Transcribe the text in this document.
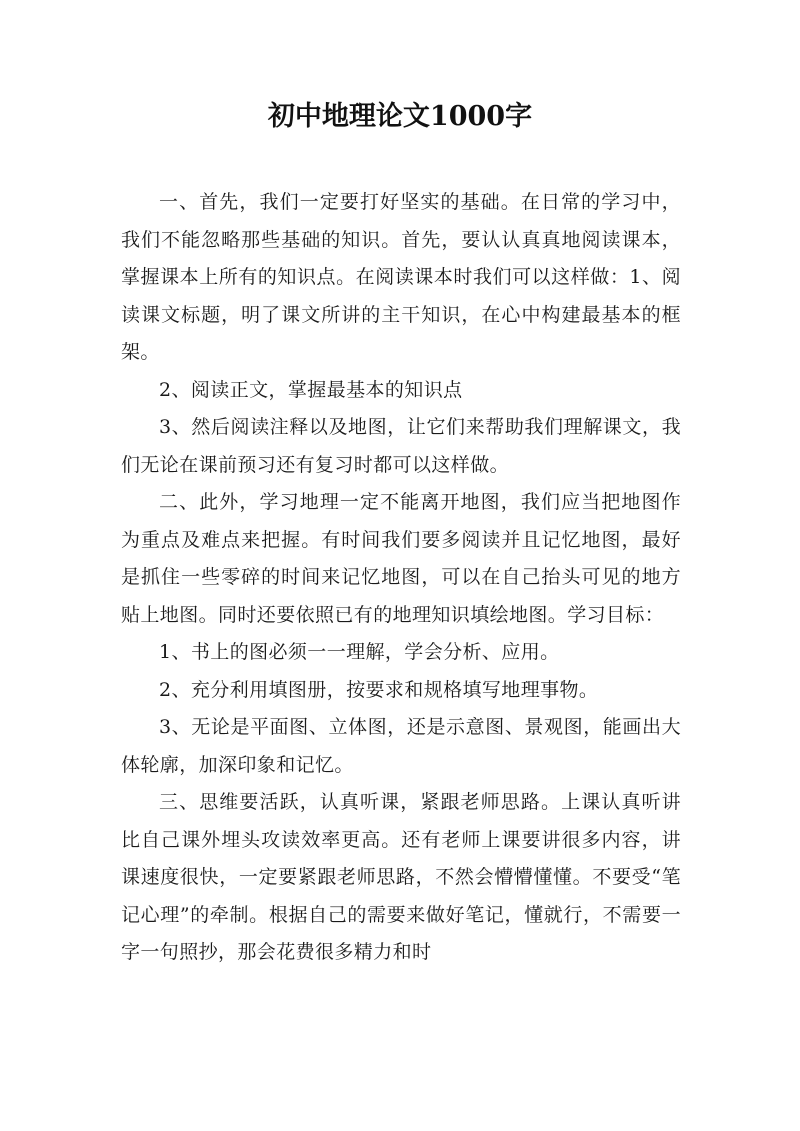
初中地理论文1000字

一、首先，我们一定要打好坚实的基础。在日常的学习中，我们不能忽略那些基础的知识。首先，要认认真真地阅读课本，掌握课本上所有的知识点。在阅读课本时我们可以这样做：1、阅读课文标题，明了课文所讲的主干知识，在心中构建最基本的框架。

2、阅读正文，掌握最基本的知识点

3、然后阅读注释以及地图，让它们来帮助我们理解课文，我们无论在课前预习还有复习时都可以这样做。

二、此外，学习地理一定不能离开地图，我们应当把地图作为重点及难点来把握。有时间我们要多阅读并且记忆地图，最好是抓住一些零碎的时间来记忆地图，可以在自己抬头可见的地方贴上地图。同时还要依照已有的地理知识填绘地图。学习目标：

1、书上的图必须一一理解，学会分析、应用。

2、充分利用填图册，按要求和规格填写地理事物。

3、无论是平面图、立体图，还是示意图、景观图，能画出大体轮廓，加深印象和记忆。

三、思维要活跃，认真听课，紧跟老师思路。上课认真听讲比自己课外埋头攻读效率更高。还有老师上课要讲很多内容，讲课速度很快，一定要紧跟老师思路，不然会懵懵懂懂。不要受“笔记心理”的牵制。根据自己的需要来做好笔记，懂就行，不需要一字一句照抄，那会花费很多精力和时
